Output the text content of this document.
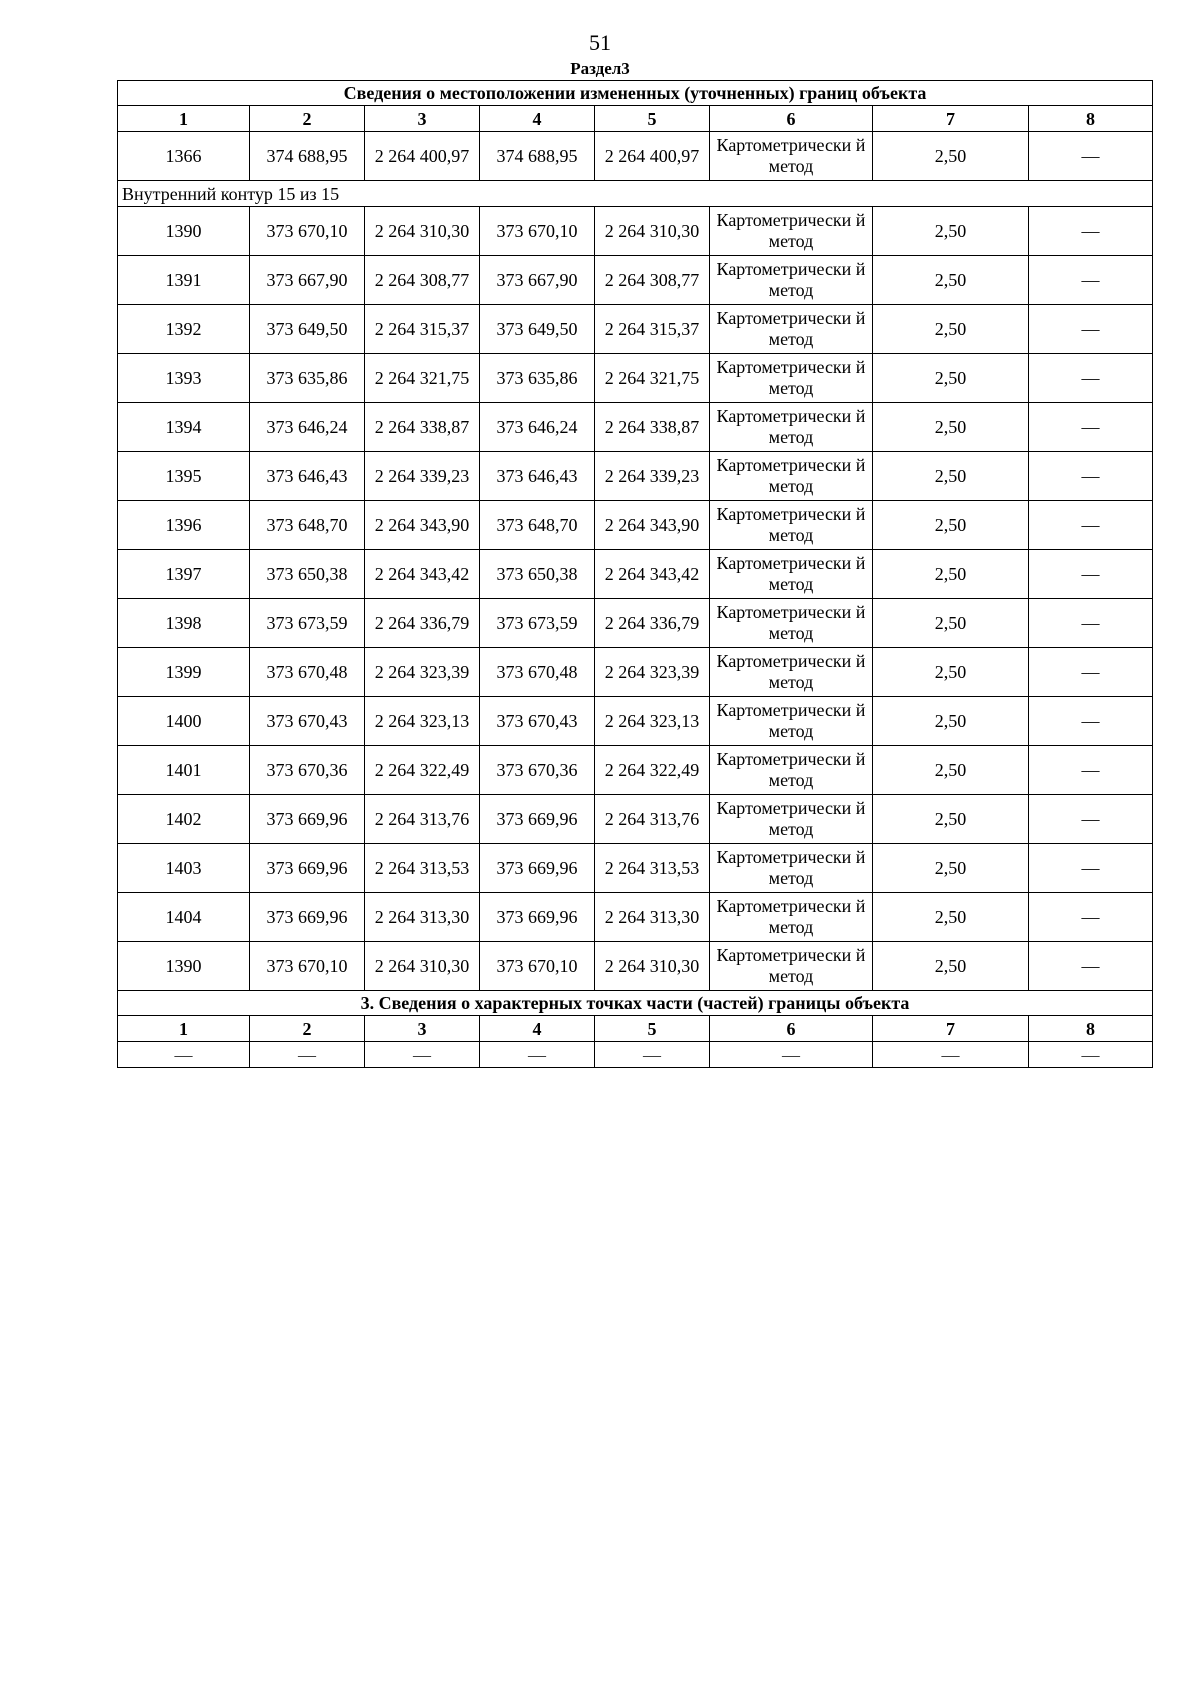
51
Раздел3
Сведения о местоположении измененных (уточненных) границ объекта							
1	2	3	4	5	6	7	8
1366	374 688,95	2 264 400,97	374 688,95	2 264 400,97	Картометрически й метод	2,50	—
Внутренний контур 15 из 15							
1390	373 670,10	2 264 310,30	373 670,10	2 264 310,30	Картометрически й метод	2,50	—
1391	373 667,90	2 264 308,77	373 667,90	2 264 308,77	Картометрически й метод	2,50	—
1392	373 649,50	2 264 315,37	373 649,50	2 264 315,37	Картометрически й метод	2,50	—
1393	373 635,86	2 264 321,75	373 635,86	2 264 321,75	Картометрически й метод	2,50	—
1394	373 646,24	2 264 338,87	373 646,24	2 264 338,87	Картометрически й метод	2,50	—
1395	373 646,43	2 264 339,23	373 646,43	2 264 339,23	Картометрически й метод	2,50	—
1396	373 648,70	2 264 343,90	373 648,70	2 264 343,90	Картометрически й метод	2,50	—
1397	373 650,38	2 264 343,42	373 650,38	2 264 343,42	Картометрически й метод	2,50	—
1398	373 673,59	2 264 336,79	373 673,59	2 264 336,79	Картометрически й метод	2,50	—
1399	373 670,48	2 264 323,39	373 670,48	2 264 323,39	Картометрически й метод	2,50	—
1400	373 670,43	2 264 323,13	373 670,43	2 264 323,13	Картометрически й метод	2,50	—
1401	373 670,36	2 264 322,49	373 670,36	2 264 322,49	Картометрически й метод	2,50	—
1402	373 669,96	2 264 313,76	373 669,96	2 264 313,76	Картометрически й метод	2,50	—
1403	373 669,96	2 264 313,53	373 669,96	2 264 313,53	Картометрически й метод	2,50	—
1404	373 669,96	2 264 313,30	373 669,96	2 264 313,30	Картометрически й метод	2,50	—
1390	373 670,10	2 264 310,30	373 670,10	2 264 310,30	Картометрически й метод	2,50	—
3. Сведения о характерных точках части (частей) границы объекта							
1	2	3	4	5	6	7	8
—	—	—	—	—	—	—	—
